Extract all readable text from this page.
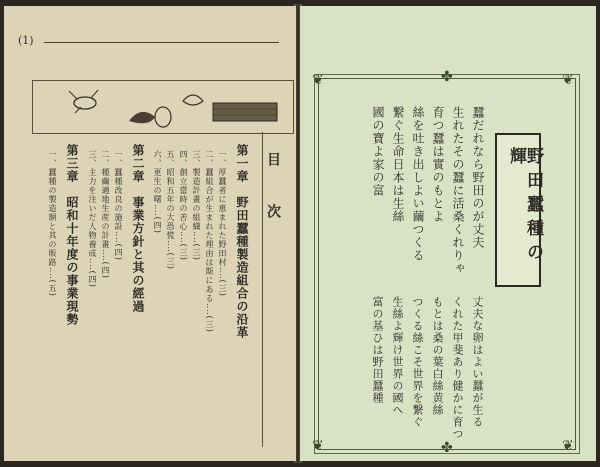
(1)
目　次
第一章　野田蠶種製造組合の沿革
一、厚蠶者に恵まれた野田村‥‥(三)
二、蠶組合が生まれた理由は斯にある‥‥(三)
三、製造計畫の組織‥‥(三)
四、創立當時の苦心‥‥(三)
五、昭和五年の大恐慌‥‥(三)
六、更生の曙‥‥(四)
第二章　事業方針と其の經過
一、蠶種改良の施設‥‥(四)
二、種繭適地生産の計畫‥‥(四)
三、主力を注いだ人物養成‥‥(四)
第三章　昭和十年度の事業現勢
一、蠶種の製造額と其の販路‥‥(五)
❦	❦
❦	❦
✤
✤
野田蠶種の輝
蠶だれなら野田のが丈夫
生れたその蠶に活桑くれりゃ
育つ蠶は實のもとよ
絲を吐き出しよい繭つくる
繋ぐ生命日本は生絲
國の寶よ家の富
丈夫な卵はよい蠶が生る
くれた甲斐あり健かに育つ
もとは桑の葉白絲黄絲
つくる絲こそ世界を繋ぐ
生絲よ輝け世界の國へ
富の基ひは野田蠶種
